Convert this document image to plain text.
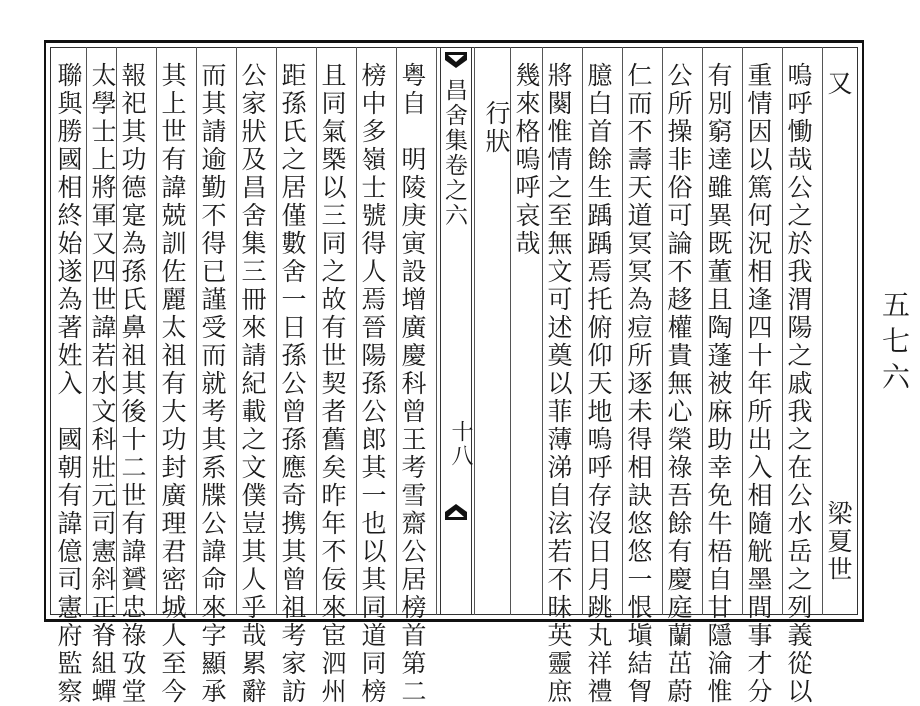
五七六
又
梁夏世
嗚呼慟哉公之於我渭陽之戚我之在公水岳之列義從以
重情因以篤何況相逢四十年所出入相隨觥墨間事才分
有別窮達雖異既董且陶蓬被麻助幸免牛梧自甘隱淪惟
公所操非俗可論不趍權貴無心榮祿吾餘有慶庭蘭茁蔚
仁而不壽天道冥冥為痘所逐未得相訣悠悠一恨塡結胷
臆白首餘生踽踽焉托俯仰天地嗚呼存沒日月跳丸祥禮
將闋惟情之至無文可述奠以菲薄涕自泫若不昧英靈庶
幾來格嗚呼哀哉
昌舍集卷之六
十八
行狀
粤自　明陵庚寅設增廣慶科曾王考雪齋公居榜首第二
榜中多嶺士號得人焉晉陽孫公郎其一也以其同道同榜
且同氣槩以三同之故有世契者舊矣昨年不佞來宦泗州
距孫氏之居僅數舍一日孫公曾孫應奇携其曾祖考家訪
公家狀及昌舍集三冊來請紀載之文僕豈其人乎哉累辭
而其請逾勤不得已謹受而就考其系牒公諱命來字顯承
其上世有諱兢訓佐麗太祖有大功封廣理君密城人至今
報祀其功德寔為孫氏鼻祖其後十二世有諱贇忠祿攷堂
太學士上將軍又四世諱若水文科壯元司憲斜正脊組蟬
聯與勝國相終始遂為著姓入　國朝有諱億司憲府監察
